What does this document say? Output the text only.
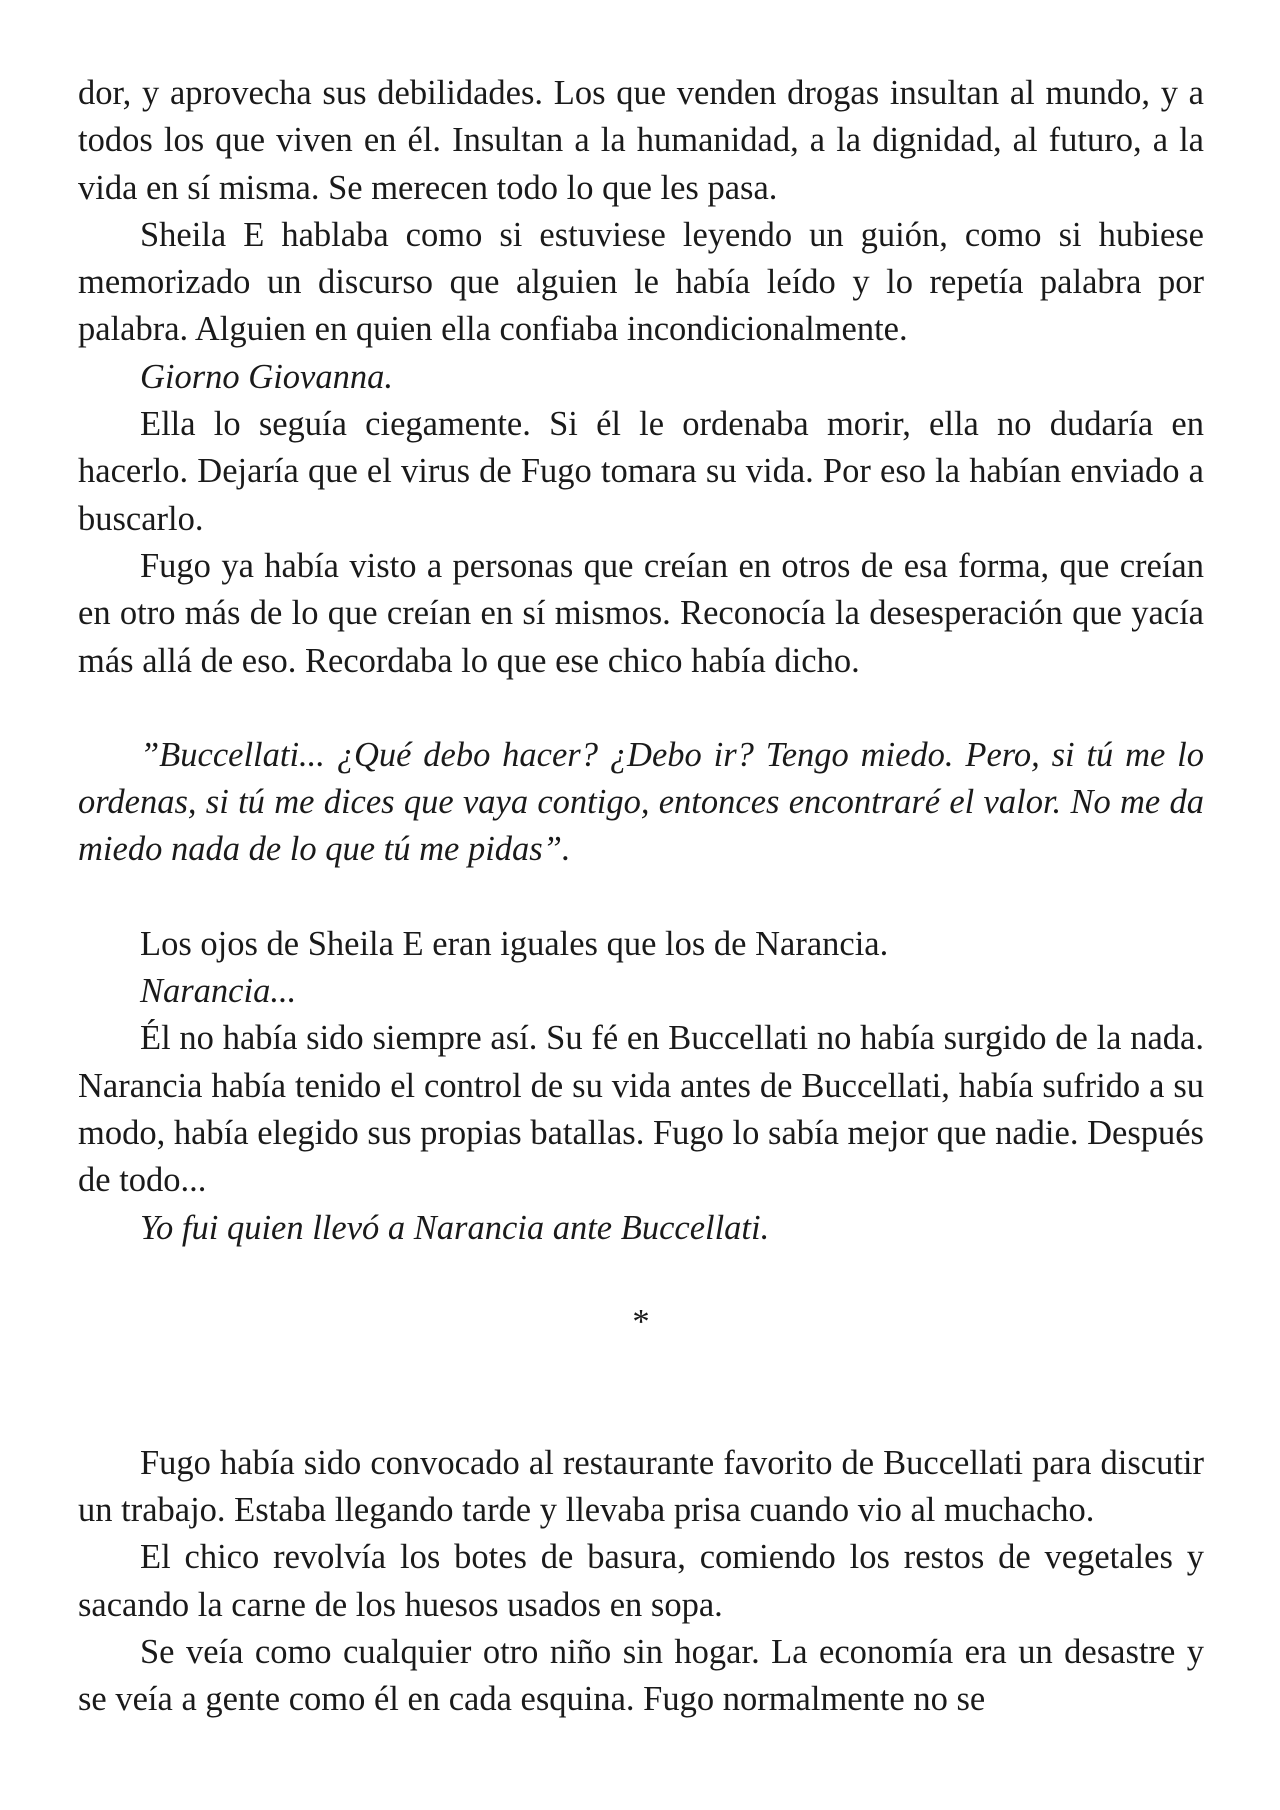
dor, y aprovecha sus debilidades. Los que venden drogas insultan al mundo, y a todos los que viven en él. Insultan a la humanidad, a la dignidad, al futuro, a la vida en sí misma. Se merecen todo lo que les pasa.

Sheila E hablaba como si estuviese leyendo un guión, como si hubiese memorizado un discurso que alguien le había leído y lo repetía palabra por palabra. Alguien en quien ella confiaba incondicionalmente.

Giorno Giovanna.

Ella lo seguía ciegamente. Si él le ordenaba morir, ella no dudaría en hacerlo. Dejaría que el virus de Fugo tomara su vida. Por eso la habían enviado a buscarlo.

Fugo ya había visto a personas que creían en otros de esa forma, que creían en otro más de lo que creían en sí mismos. Reconocía la desesperación que yacía más allá de eso. Recordaba lo que ese chico había dicho.

”Buccellati... ¿Qué debo hacer? ¿Debo ir? Tengo miedo. Pero, si tú me lo ordenas, si tú me dices que vaya contigo, entonces encontraré el valor. No me da miedo nada de lo que tú me pidas”.

Los ojos de Sheila E eran iguales que los de Narancia.

Narancia...

Él no había sido siempre así. Su fé en Buccellati no había surgido de la nada. Narancia había tenido el control de su vida antes de Buccellati, había sufrido a su modo, había elegido sus propias batallas. Fugo lo sabía mejor que nadie. Después de todo...

Yo fui quien llevó a Narancia ante Buccellati.

*

Fugo había sido convocado al restaurante favorito de Buccellati para discutir un trabajo. Estaba llegando tarde y llevaba prisa cuando vio al muchacho.

El chico revolvía los botes de basura, comiendo los restos de vegetales y sacando la carne de los huesos usados en sopa.

Se veía como cualquier otro niño sin hogar. La economía era un desastre y se veía a gente como él en cada esquina. Fugo normalmente no se
